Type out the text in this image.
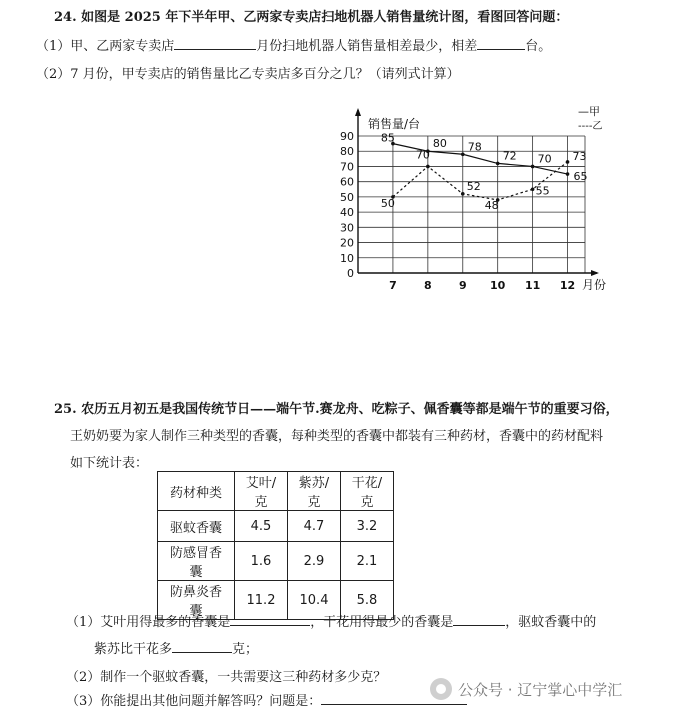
24. 如图是 2025 年下半年甲、乙两家专卖店扫地机器人销售量统计图，看图回答问题：
（1）甲、乙两家专卖店	月份扫地机器人销售量相差最少，相差	台。
（2）7 月份，甲专卖店的销售量比乙专卖店多百分之几？（请列式计算）
0
10
20
30
40
50
60
70
80
90
7 8 9 10 11 12
85	80 78
72 70
65
50
70
52
48
55
73
销售量/台
月份
—甲
----乙
25. 农历五月初五是我国传统节日——端午节.赛龙舟、吃粽子、佩香囊等都是端午节的重要习俗，
王奶奶要为家人制作三种类型的香囊，每种类型的香囊中都装有三种药材，香囊中的药材配料
如下统计表：
药材种类	艾叶/克	紫苏/克	干花/克
驱蚊香囊	4.5	4.7	3.2
防感冒香囊	1.6	2.9	2.1
防鼻炎香囊	11.2	10.4	5.8
（1）艾叶用得最多的香囊是	，干花用得最少的香囊是	，驱蚊香囊中的
紫苏比干花多	克；
（2）制作一个驱蚊香囊，一共需要这三种药材多少克？
（3）你能提出其他问题并解答吗？问题是：
公众号 · 辽宁掌心中学汇
